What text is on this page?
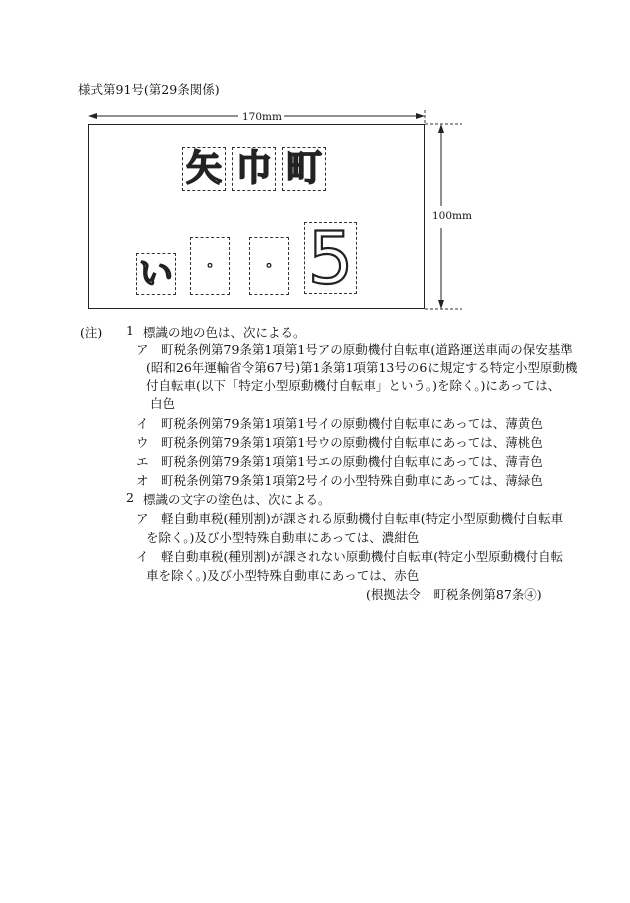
様式第91号(第29条関係)
170mm
100mm
矢 巾 町
い ・ ・ 5
(注) 1 標識の地の色は、次による。
ア　町税条例第79条第1項第1号アの原動機付自転車(道路運送車両の保安基準
(昭和26年運輸省令第67号)第1条第1項第13号の6に規定する特定小型原動機
付自転車(以下「特定小型原動機付自転車」という。)を除く。)にあっては、
白色
イ　町税条例第79条第1項第1号イの原動機付自転車にあっては、薄黄色
ウ　町税条例第79条第1項第1号ウの原動機付自転車にあっては、薄桃色
エ　町税条例第79条第1項第1号エの原動機付自転車にあっては、薄青色
オ　町税条例第79条第1項第2号イの小型特殊自動車にあっては、薄緑色
2 標識の文字の塗色は、次による。
ア　軽自動車税(種別割)が課される原動機付自転車(特定小型原動機付自転車
を除く。)及び小型特殊自動車にあっては、濃紺色
イ　軽自動車税(種別割)が課されない原動機付自転車(特定小型原動機付自転
車を除く。)及び小型特殊自動車にあっては、赤色
(根拠法令　町税条例第87条④)
